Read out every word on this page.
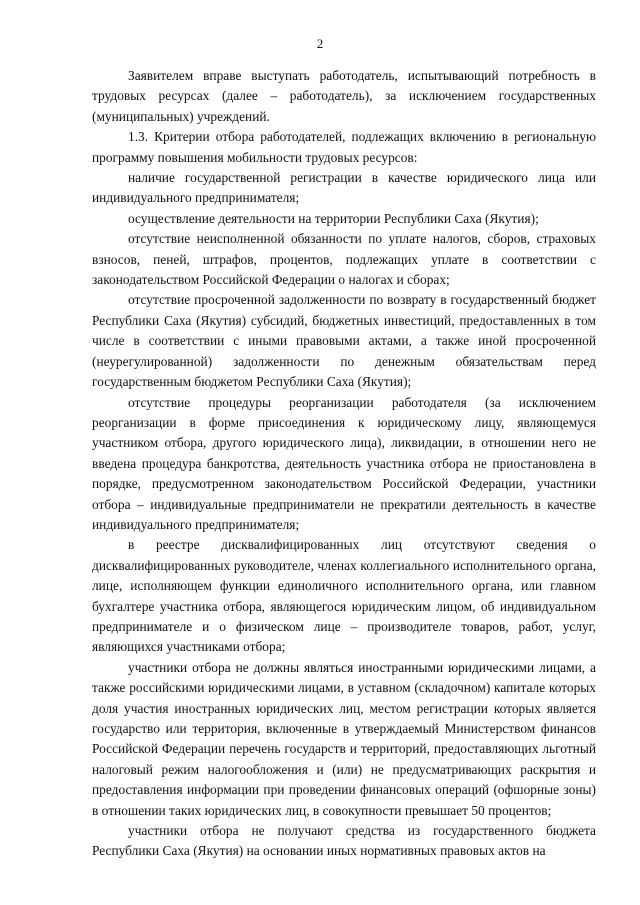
2

Заявителем вправе выступать работодатель, испытывающий потребность в трудовых ресурсах (далее – работодатель), за исключением государственных (муниципальных) учреждений.

1.3. Критерии отбора работодателей, подлежащих включению в региональную программу повышения мобильности трудовых ресурсов:

наличие государственной регистрации в качестве юридического лица или индивидуального предпринимателя;

осуществление деятельности на территории Республики Саха (Якутия);

отсутствие неисполненной обязанности по уплате налогов, сборов, страховых взносов, пеней, штрафов, процентов, подлежащих уплате в соответствии с законодательством Российской Федерации о налогах и сборах;

отсутствие просроченной задолженности по возврату в государственный бюджет Республики Саха (Якутия) субсидий, бюджетных инвестиций, предоставленных в том числе в соответствии с иными правовыми актами, а также иной просроченной (неурегулированной) задолженности по денежным обязательствам перед государственным бюджетом Республики Саха (Якутия);

отсутствие процедуры реорганизации работодателя (за исключением реорганизации в форме присоединения к юридическому лицу, являющемуся участником отбора, другого юридического лица), ликвидации, в отношении него не введена процедура банкротства, деятельность участника отбора не приостановлена в порядке, предусмотренном законодательством Российской Федерации, участники отбора – индивидуальные предприниматели не прекратили деятельность в качестве индивидуального предпринимателя;

в реестре дисквалифицированных лиц отсутствуют сведения о дисквалифицированных руководителе, членах коллегиального исполнительного органа, лице, исполняющем функции единоличного исполнительного органа, или главном бухгалтере участника отбора, являющегося юридическим лицом, об индивидуальном предпринимателе и о физическом лице – производителе товаров, работ, услуг, являющихся участниками отбора;

участники отбора не должны являться иностранными юридическими лицами, а также российскими юридическими лицами, в уставном (складочном) капитале которых доля участия иностранных юридических лиц, местом регистрации которых является государство или территория, включенные в утверждаемый Министерством финансов Российской Федерации перечень государств и территорий, предоставляющих льготный налоговый режим налогообложения и (или) не предусматривающих раскрытия и предоставления информации при проведении финансовых операций (офшорные зоны) в отношении таких юридических лиц, в совокупности превышает 50 процентов;

участники отбора не получают средства из государственного бюджета Республики Саха (Якутия) на основании иных нормативных правовых актов на
